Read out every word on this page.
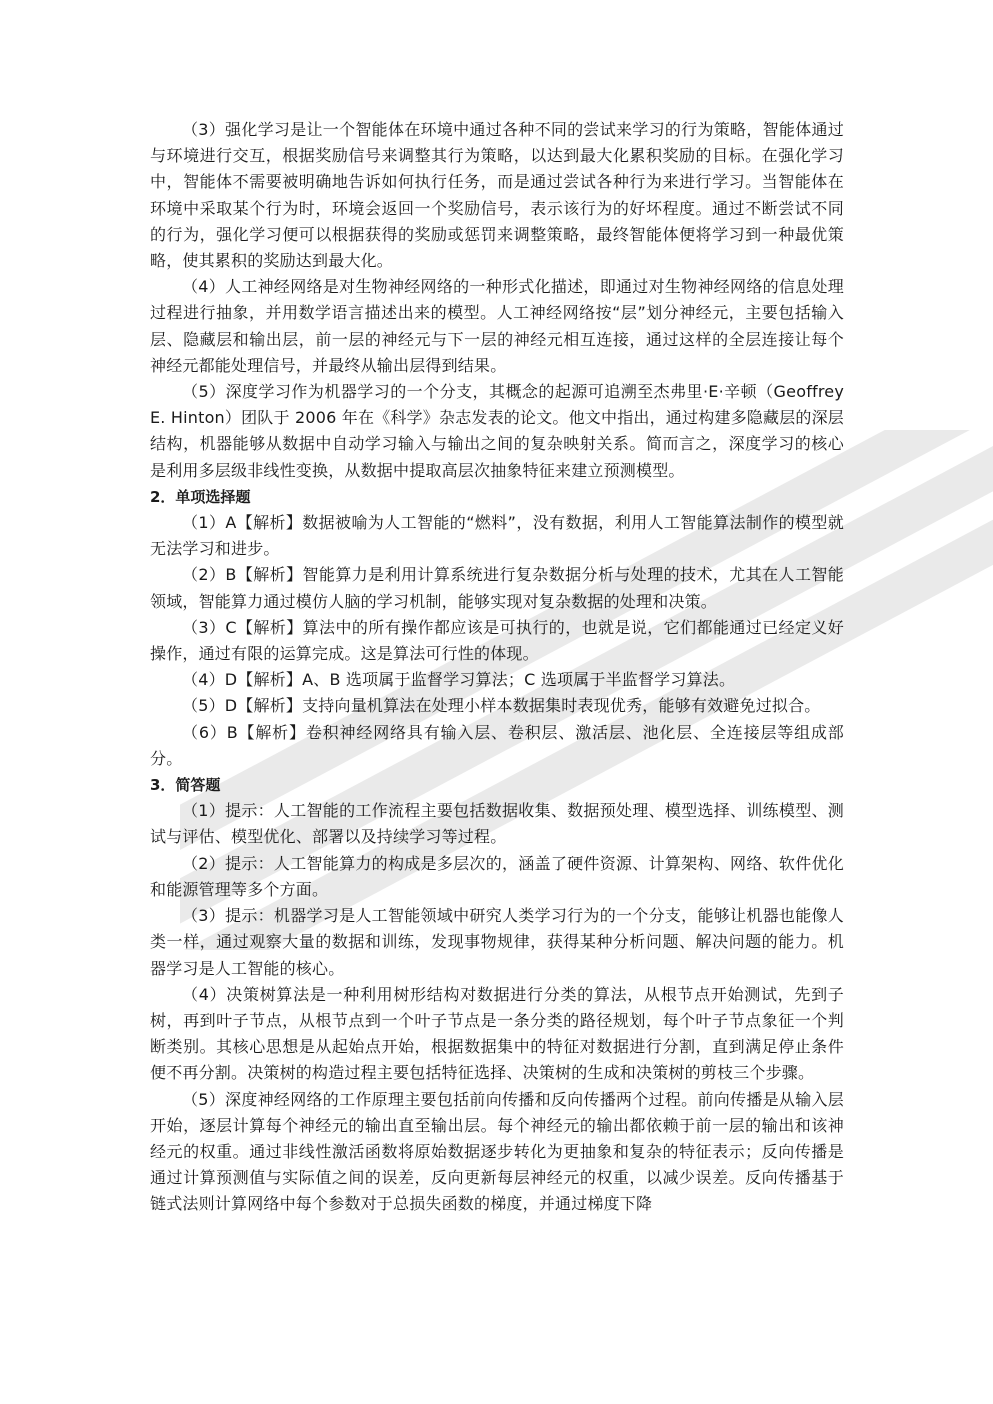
（3）强化学习是让一个智能体在环境中通过各种不同的尝试来学习的行为策略，智能体通过与环境进行交互，根据奖励信号来调整其行为策略，以达到最大化累积奖励的目标。在强化学习中，智能体不需要被明确地告诉如何执行任务，而是通过尝试各种行为来进行学习。当智能体在环境中采取某个行为时，环境会返回一个奖励信号，表示该行为的好坏程度。通过不断尝试不同的行为，强化学习便可以根据获得的奖励或惩罚来调整策略，最终智能体便将学习到一种最优策略，使其累积的奖励达到最大化。

（4）人工神经网络是对生物神经网络的一种形式化描述，即通过对生物神经网络的信息处理过程进行抽象，并用数学语言描述出来的模型。人工神经网络按“层”划分神经元，主要包括输入层、隐藏层和输出层，前一层的神经元与下一层的神经元相互连接，通过这样的全层连接让每个神经元都能处理信号，并最终从输出层得到结果。

（5）深度学习作为机器学习的一个分支，其概念的起源可追溯至杰弗里·E·辛顿（Geoffrey E. Hinton）团队于 2006 年在《科学》杂志发表的论文。他文中指出，通过构建多隐藏层的深层结构，机器能够从数据中自动学习输入与输出之间的复杂映射关系。简而言之，深度学习的核心是利用多层级非线性变换，从数据中提取高层次抽象特征来建立预测模型。

2．单项选择题

（1）A【解析】数据被喻为人工智能的“燃料”，没有数据，利用人工智能算法制作的模型就无法学习和进步。

（2）B【解析】智能算力是利用计算系统进行复杂数据分析与处理的技术，尤其在人工智能领域，智能算力通过模仿人脑的学习机制，能够实现对复杂数据的处理和决策。

（3）C【解析】算法中的所有操作都应该是可执行的，也就是说，它们都能通过已经定义好操作，通过有限的运算完成。这是算法可行性的体现。

（4）D【解析】A、B 选项属于监督学习算法；C 选项属于半监督学习算法。

（5）D【解析】支持向量机算法在处理小样本数据集时表现优秀，能够有效避免过拟合。

（6）B【解析】卷积神经网络具有输入层、卷积层、激活层、池化层、全连接层等组成部分。

3．简答题

（1）提示：人工智能的工作流程主要包括数据收集、数据预处理、模型选择、训练模型、测试与评估、模型优化、部署以及持续学习等过程。

（2）提示：人工智能算力的构成是多层次的，涵盖了硬件资源、计算架构、网络、软件优化和能源管理等多个方面。

（3）提示：机器学习是人工智能领域中研究人类学习行为的一个分支，能够让机器也能像人类一样，通过观察大量的数据和训练，发现事物规律，获得某种分析问题、解决问题的能力。机器学习是人工智能的核心。

（4）决策树算法是一种利用树形结构对数据进行分类的算法，从根节点开始测试，先到子树，再到叶子节点，从根节点到一个叶子节点是一条分类的路径规划，每个叶子节点象征一个判断类别。其核心思想是从起始点开始，根据数据集中的特征对数据进行分割，直到满足停止条件便不再分割。决策树的构造过程主要包括特征选择、决策树的生成和决策树的剪枝三个步骤。

（5）深度神经网络的工作原理主要包括前向传播和反向传播两个过程。前向传播是从输入层开始，逐层计算每个神经元的输出直至输出层。每个神经元的输出都依赖于前一层的输出和该神经元的权重。通过非线性激活函数将原始数据逐步转化为更抽象和复杂的特征表示；反向传播是通过计算预测值与实际值之间的误差，反向更新每层神经元的权重，以减少误差。反向传播基于链式法则计算网络中每个参数对于总损失函数的梯度，并通过梯度下降
